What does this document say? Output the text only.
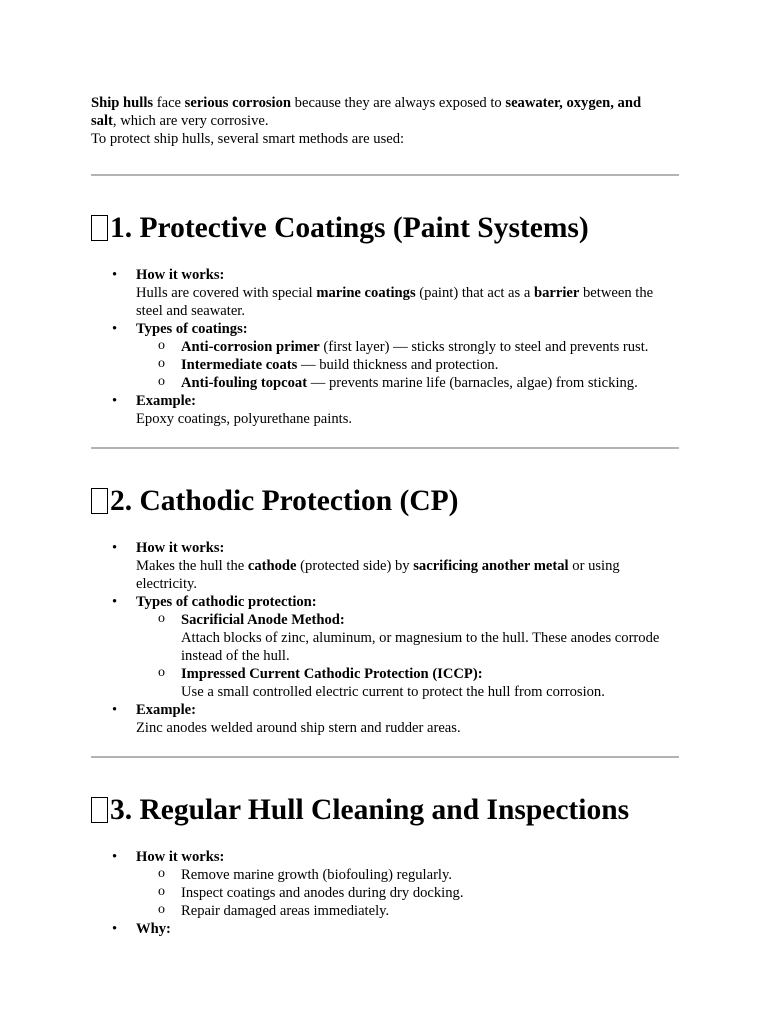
Ship hulls face serious corrosion because they are always exposed to seawater, oxygen, and

salt, which are very corrosive.

To protect ship hulls, several smart methods are used:

1. Protective Coatings (Paint Systems)
• How it works:
Hulls are covered with special marine coatings (paint) that act as a barrier between the
steel and seawater.
• Types of coatings:
o Anti-corrosion primer (first layer) — sticks strongly to steel and prevents rust.
o Intermediate coats — build thickness and protection.
o Anti-fouling topcoat — prevents marine life (barnacles, algae) from sticking.
• Example:
Epoxy coatings, polyurethane paints.
2. Cathodic Protection (CP)
• How it works:
Makes the hull the cathode (protected side) by sacrificing another metal or using
electricity.
• Types of cathodic protection:
o Sacrificial Anode Method:
Attach blocks of zinc, aluminum, or magnesium to the hull. These anodes corrode
instead of the hull.
o Impressed Current Cathodic Protection (ICCP):
Use a small controlled electric current to protect the hull from corrosion.
• Example:
Zinc anodes welded around ship stern and rudder areas.
3. Regular Hull Cleaning and Inspections
• How it works:
o Remove marine growth (biofouling) regularly.
o Inspect coatings and anodes during dry docking.
o Repair damaged areas immediately.
• Why:
